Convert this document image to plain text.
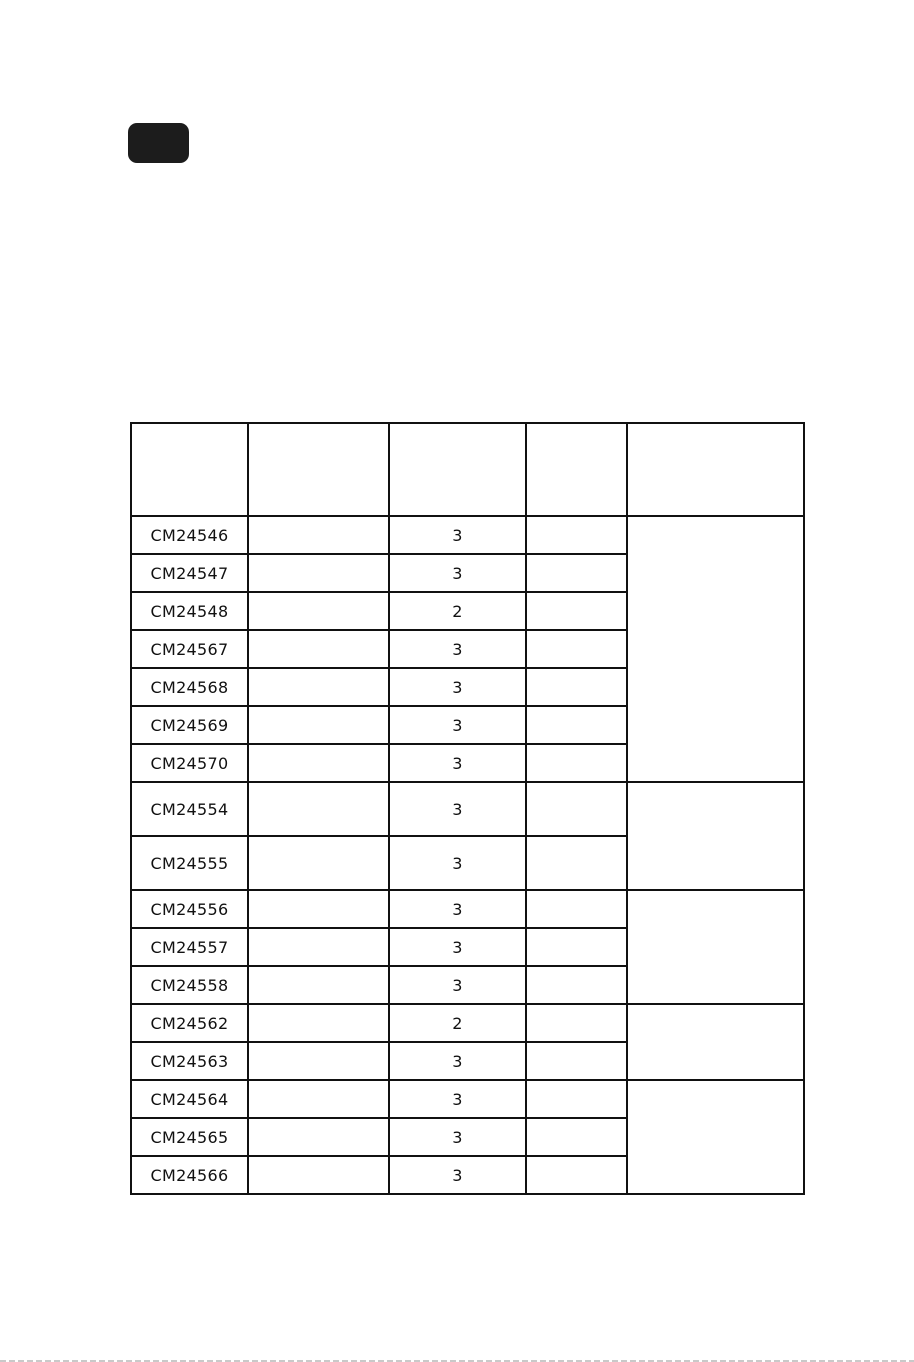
CM24546		3		
CM24547		3		
CM24548		2		
CM24567		3		
CM24568		3		
CM24569		3		
CM24570		3		
CM24554		3		
CM24555		3		
CM24556		3		
CM24557		3		
CM24558		3		
CM24562		2		
CM24563		3		
CM24564		3		
CM24565		3		
CM24566		3		
